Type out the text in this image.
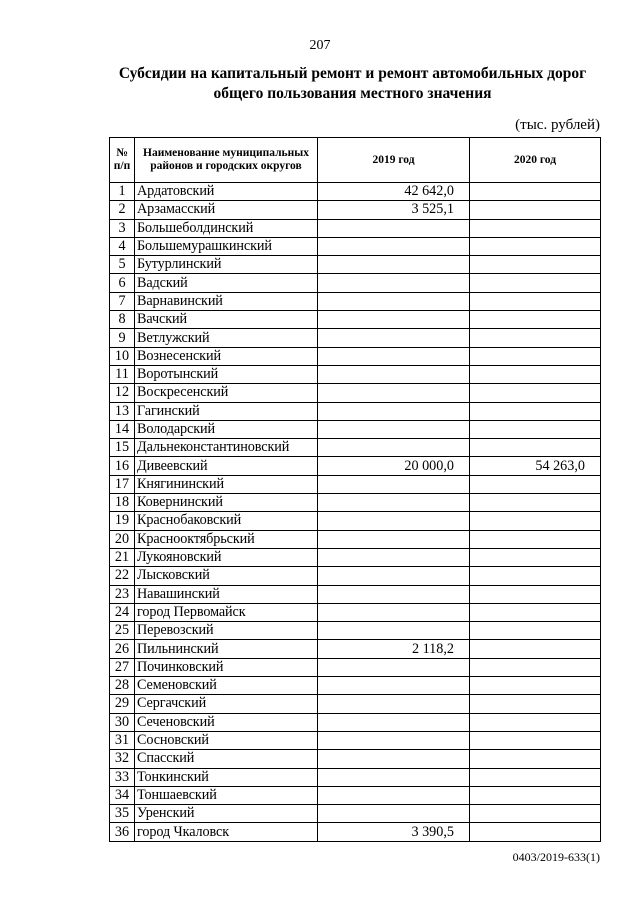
207
Субсидии на капитальный ремонт и ремонт автомобильных дорог
общего пользования местного значения
(тыс. рублей)
№ п/п	Наименование муниципальных районов и городских округов	2019 год	2020 год
1	Ардатовский	42 642,0	
2	Арзамасский	3 525,1	
3	Большеболдинский		
4	Большемурашкинский		
5	Бутурлинский		
6	Вадский		
7	Варнавинский		
8	Вачский		
9	Ветлужский		
10	Вознесенский		
11	Воротынский		
12	Воскресенский		
13	Гагинский		
14	Володарский		
15	Дальнеконстантиновский		
16	Дивеевский	20 000,0	54 263,0
17	Княгининский		
18	Ковернинский		
19	Краснобаковский		
20	Краснооктябрьский		
21	Лукояновский		
22	Лысковский		
23	Навашинский		
24	город Первомайск		
25	Перевозский		
26	Пильнинский	2 118,2	
27	Починковский		
28	Семеновский		
29	Сергачский		
30	Сеченовский		
31	Сосновский		
32	Спасский		
33	Тонкинский		
34	Тоншаевский		
35	Уренский		
36	город Чкаловск	3 390,5	
0403/2019-633(1)
